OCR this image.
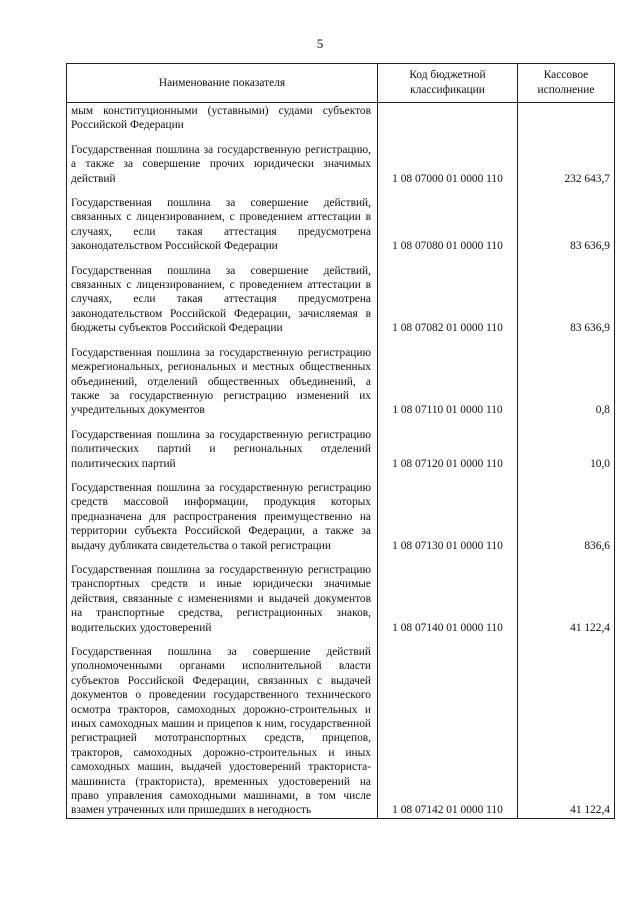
5
Наименование показателя	Код бюджетной классификации	Кассовое исполнение
мым конституционными (уставными) судами субъектов Российской Федерации		
Государственная пошлина за государственную регистрацию, а также за совершение прочих юридически значимых действий	1 08 07000 01 0000 110	232 643,7
Государственная пошлина за совершение действий, связанных с лицензированием, с проведением аттестации в случаях, если такая аттестация предусмотрена законодательством Российской Федерации	1 08 07080 01 0000 110	83 636,9
Государственная пошлина за совершение действий, связанных с лицензированием, с проведением аттестации в случаях, если такая аттестация предусмотрена законодательством Российской Федерации, зачисляемая в бюджеты субъектов Российской Федерации	1 08 07082 01 0000 110	83 636,9
Государственная пошлина за государственную регистрацию межрегиональных, региональных и местных общественных объединений, отделений общественных объединений, а также за государственную регистрацию изменений их учредительных документов	1 08 07110 01 0000 110	0,8
Государственная пошлина за государственную регистрацию политических партий и региональных отделений политических партий	1 08 07120 01 0000 110	10,0
Государственная пошлина за государственную регистрацию средств массовой информации, продукция которых предназначена для распространения преимущественно на территории субъекта Российской Федерации, а также за выдачу дубликата свидетельства о такой регистрации	1 08 07130 01 0000 110	836,6
Государственная пошлина за государственную регистрацию транспортных средств и иные юридически значимые действия, связанные с изменениями и выдачей документов на транспортные средства, регистрационных знаков, водительских удостоверений	1 08 07140 01 0000 110	41 122,4
Государственная пошлина за совершение действий уполномоченными органами исполнительной власти субъектов Российской Федерации, связанных с выдачей документов о проведении государственного технического осмотра тракторов, самоходных дорожно-строительных и иных самоходных машин и прицепов к ним, государственной регистрацией мототранспортных средств, прицепов, тракторов, самоходных дорожно-строительных и иных самоходных машин, выдачей удостоверений тракториста-машиниста (тракториста), временных удостоверений на право управления самоходными машинами, в том числе взамен утраченных или пришедших в негодность	1 08 07142 01 0000 110	41 122,4
